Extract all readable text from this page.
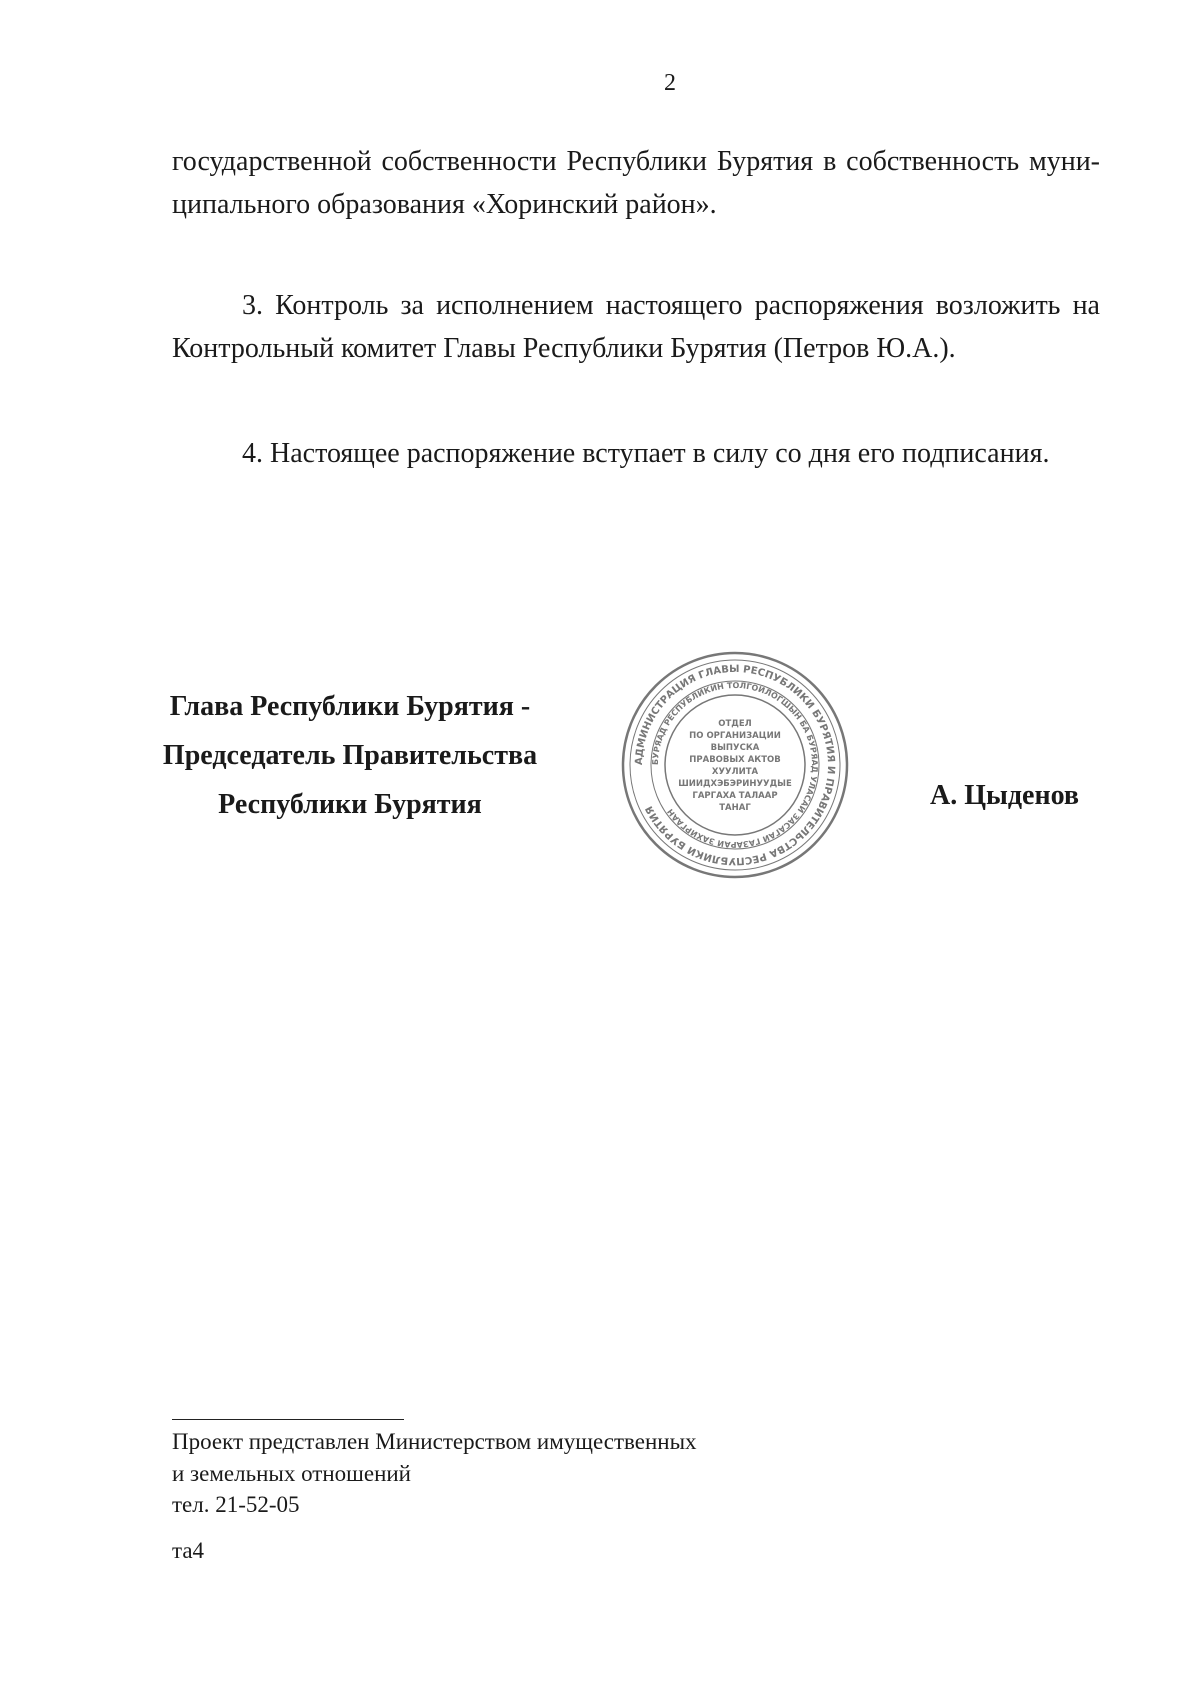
2
государственной собственности Республики Бурятия в собственность муни-
ципального образования «Хоринский район».
3. Контроль за исполнением настоящего распоряжения возложить на
Контрольный комитет Главы Республики Бурятия (Петров Ю.А.).
4. Настоящее распоряжение вступает в силу со дня его подписания.
Глава Республики Бурятия -
Председатель Правительства
Республики Бурятия
АДМИНИСТРАЦИЯ ГЛАВЫ РЕСПУБЛИКИ БУРЯТИЯ И ПРАВИТЕЛЬСТВА РЕСПУБЛИКИ БУРЯТИЯ
БУРЯАД РЕСПУБЛИКИН ТОЛГОЙЛОГШЫН БА БУРЯАД УЛАСАЙ ЗАСАГАЙ ГАЗАРАЙ ЗАХИРГААН
ОТДЕЛ
ПО ОРГАНИЗАЦИИ
ВЫПУСКА
ПРАВОВЫХ АКТОВ
ХУУЛИТА
ШИИДХЭБЭРИНУУДЫЕ
ГАРГАХА ТАЛААР
ТАНАГ	А. Цыденов
Проект представлен Министерством имущественных
и земельных отношений
тел. 21-52-05
та4
